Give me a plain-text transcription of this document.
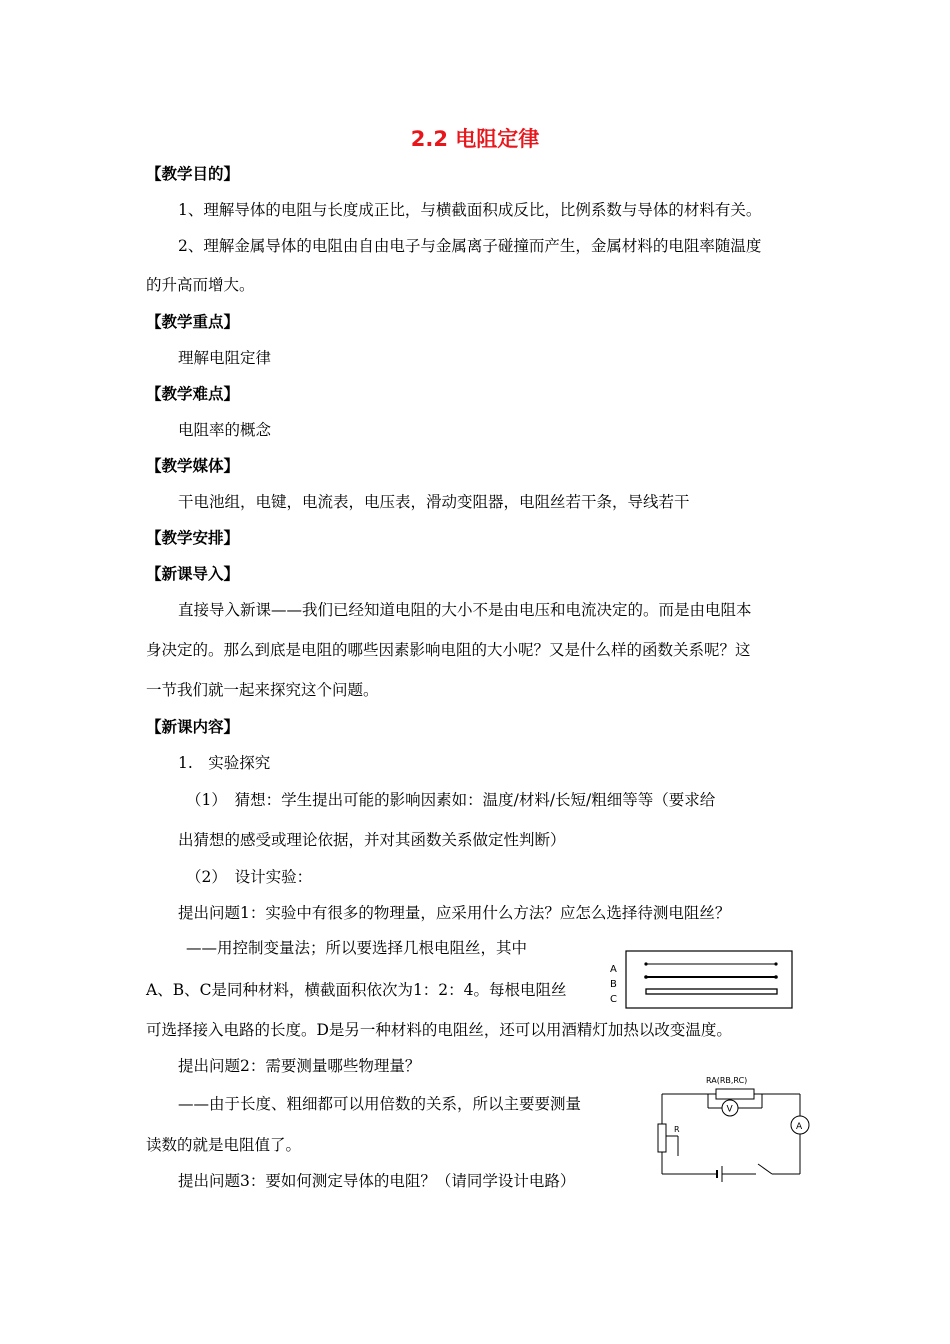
2.2 电阻定律
【教学目的】
1、理解导体的电阻与长度成正比，与横截面积成反比，比例系数与导体的材料有关。
2、理解金属导体的电阻由自由电子与金属离子碰撞而产生，金属材料的电阻率随温度
的升高而增大。
【教学重点】
理解电阻定律
【教学难点】
电阻率的概念
【教学媒体】
干电池组，电键，电流表，电压表，滑动变阻器，电阻丝若干条，导线若干
【教学安排】
【新课导入】
直接导入新课——我们已经知道电阻的大小不是由电压和电流决定的。而是由电阻本
身决定的。那么到底是电阻的哪些因素影响电阻的大小呢？又是什么样的函数关系呢？这
一节我们就一起来探究这个问题。
【新课内容】
1.　实验探究
（1）　猜想：学生提出可能的影响因素如：温度/材料/长短/粗细等等（要求给
出猜想的感受或理论依据，并对其函数关系做定性判断）
（2）　设计实验：
提出问题1：实验中有很多的物理量，应采用什么方法？应怎么选择待测电阻丝？
——用控制变量法；所以要选择几根电阻丝，其中
A、B、C是同种材料，横截面积依次为1：2：4。每根电阻丝
可选择接入电路的长度。D是另一种材料的电阻丝，还可以用酒精灯加热以改变温度。
提出问题2：需要测量哪些物理量？
——由于长度、粗细都可以用倍数的关系，所以主要要测量
读数的就是电阻值了。
提出问题3：要如何测定导体的电阻？（请同学设计电路）
A
B
C
RA(RB,RC)
V
A
R
